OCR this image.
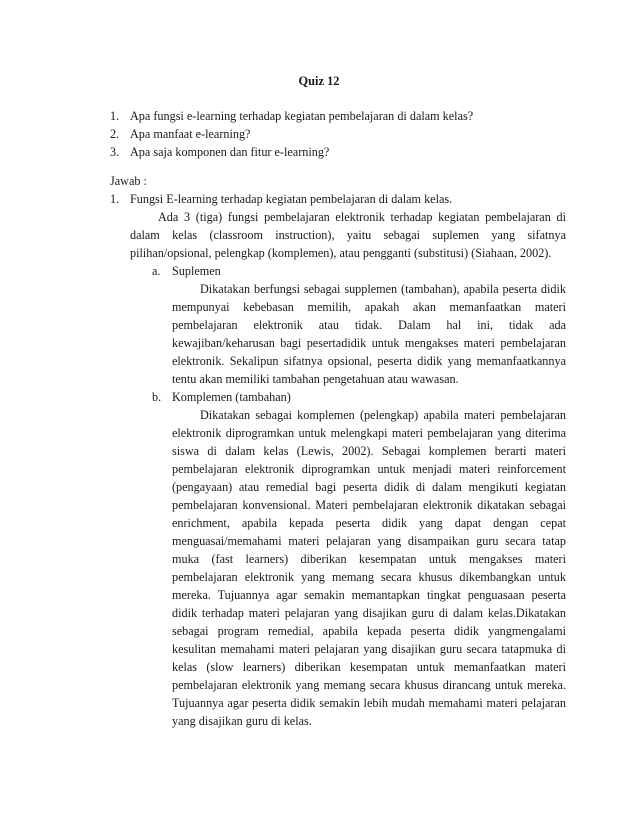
Quiz 12
1. Apa fungsi e-learning terhadap kegiatan pembelajaran di dalam kelas?
2. Apa manfaat e-learning?
3. Apa saja komponen dan fitur e-learning?
Jawab :
1. Fungsi E-learning terhadap kegiatan pembelajaran di dalam kelas.

Ada 3 (tiga) fungsi pembelajaran elektronik terhadap kegiatan pembelajaran di dalam kelas (classroom instruction), yaitu sebagai suplemen yang sifatnya pilihan/opsional, pelengkap (komplemen), atau pengganti (substitusi) (Siahaan, 2002).

a. Suplemen

Dikatakan berfungsi sebagai supplemen (tambahan), apabila peserta didik mempunyai kebebasan memilih, apakah akan memanfaatkan materi pembelajaran elektronik atau tidak. Dalam hal ini, tidak ada kewajiban/keharusan bagi pesertadidik untuk mengakses materi pembelajaran elektronik. Sekalipun sifatnya opsional, peserta didik yang memanfaatkannya tentu akan memiliki tambahan pengetahuan atau wawasan.

b. Komplemen (tambahan)

Dikatakan sebagai komplemen (pelengkap) apabila materi pembelajaran elektronik diprogramkan untuk melengkapi materi pembelajaran yang diterima siswa di dalam kelas (Lewis, 2002). Sebagai komplemen berarti materi pembelajaran elektronik diprogramkan untuk menjadi materi reinforcement (pengayaan) atau remedial bagi peserta didik di dalam mengikuti kegiatan pembelajaran konvensional. Materi pembelajaran elektronik dikatakan sebagai enrichment, apabila kepada peserta didik yang dapat dengan cepat menguasai/memahami materi pelajaran yang disampaikan guru secara tatap muka (fast learners) diberikan kesempatan untuk mengakses materi pembelajaran elektronik yang memang secara khusus dikembangkan untuk mereka. Tujuannya agar semakin memantapkan tingkat penguasaan peserta didik terhadap materi pelajaran yang disajikan guru di dalam kelas.Dikatakan sebagai program remedial, apabila kepada peserta didik yangmengalami kesulitan memahami materi pelajaran yang disajikan guru secara tatapmuka di kelas (slow learners) diberikan kesempatan untuk memanfaatkan materi pembelajaran elektronik yang memang secara khusus dirancang untuk mereka. Tujuannya agar peserta didik semakin lebih mudah memahami materi pelajaran yang disajikan guru di kelas.
